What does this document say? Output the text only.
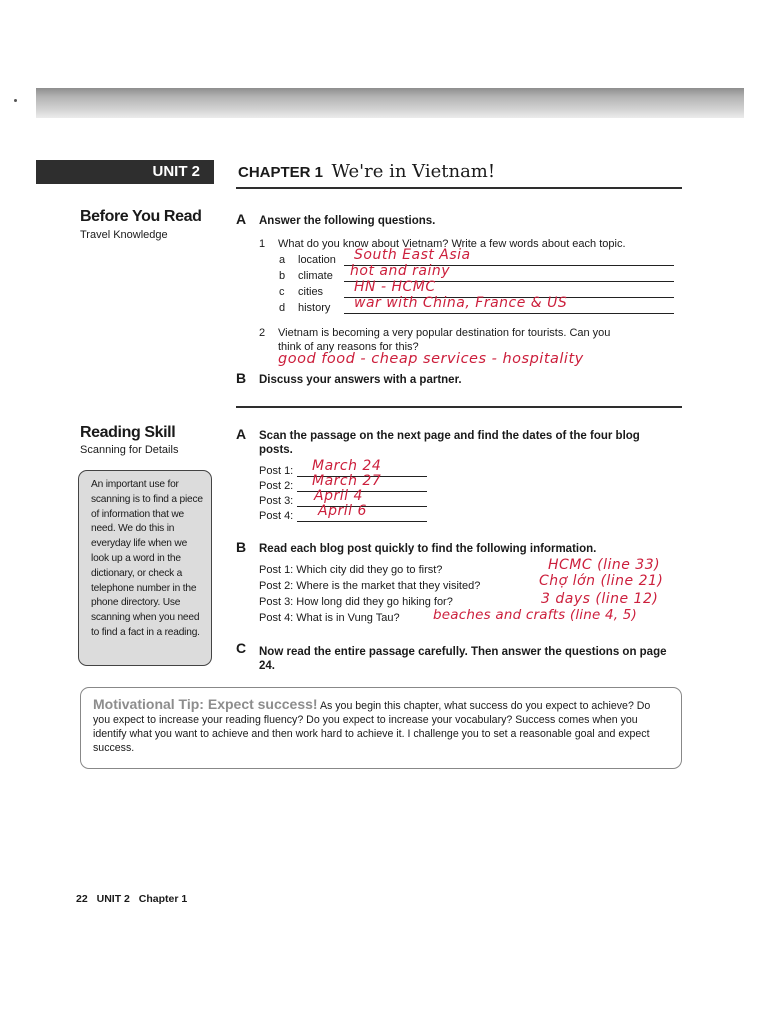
UNIT 2	CHAPTER 1 We're in Vietnam!
Before You Read
Travel Knowledge
A Answer the following questions.
1 What do you know about Vietnam? Write a few words about each topic.
a location South East Asia
b climate hot and rainy
c cities HN - HCMC
d history war with China, France & US
2 Vietnam is becoming a very popular destination for tourists. Can you
think of any reasons for this?
good food - cheap services - hospitality
B Discuss your answers with a partner.
Reading Skill
Scanning for Details
An important use for scanning is to find a piece of information that we need. We do this in everyday life when we look up a word in the dictionary, or check a telephone number in the phone directory. Use scanning when you need to find a fact in a reading.
A Scan the passage on the next page and find the dates of the four blog posts.
Post 1: March 24
Post 2: March 27
Post 3: April 4
Post 4: April 6
B Read each blog post quickly to find the following information.
Post 1: Which city did they go to first?	HCMC (line 33)
Post 2: Where is the market that they visited?	Chợ lớn (line 21)
Post 3: How long did they go hiking for?	3 days (line 12)
Post 4: What is in Vung Tau? beaches and crafts (line 4, 5)
C Now read the entire passage carefully. Then answer the questions on page 24.
Motivational Tip: Expect success! As you begin this chapter, what success do you expect to achieve? Do you expect to increase your reading fluency? Do you expect to increase your vocabulary? Success comes when you identify what you want to achieve and then work hard to achieve it. I challenge you to set a reasonable goal and expect success.
22 UNIT 2 Chapter 1
